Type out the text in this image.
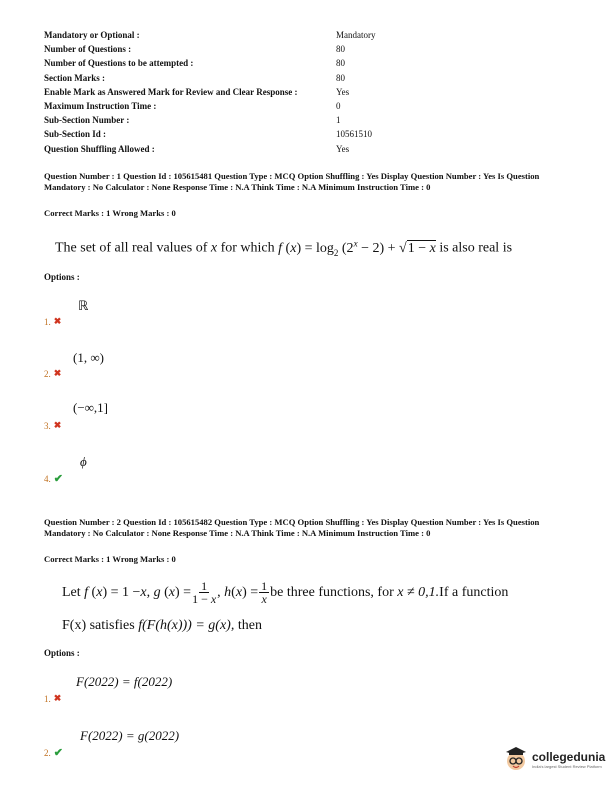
Mandatory or Optional :	Mandatory
Number of Questions :	80
Number of Questions to be attempted :	80
Section Marks :	80
Enable Mark as Answered Mark for Review and Clear Response :	Yes
Maximum Instruction Time :	0
Sub-Section Number :	1
Sub-Section Id :	10561510
Question Shuffling Allowed :	Yes
Question Number : 1 Question Id : 105615481 Question Type : MCQ Option Shuffling : Yes Display Question Number : Yes Is Question Mandatory : No Calculator : None Response Time : N.A Think Time : N.A Minimum Instruction Time : 0
Correct Marks : 1 Wrong Marks : 0
The set of all real values of x for which f $(x) = \log_2 (2^x - 2) + √1 - x$ is also real is
Options :
ℝ
1. ✖
(1, ∞)
2. ✖
(−∞,1]
3. ✖
ϕ
4. ✔
Question Number : 2 Question Id : 105615482 Question Type : MCQ Option Shuffling : Yes Display Question Number : Yes Is Question Mandatory : No Calculator : None Response Time : N.A Think Time : N.A Minimum Instruction Time : 0
Correct Marks : 1 Wrong Marks : 0
Let
f ( x ) = 1 − x , g ( x ) = $\frac{1}{1 - x}$ , h ( x ) = $\frac{1}{x}$ be three functions, for
x ≠ 0,1. If a function
F(x) satisfies f(F(h(x))) = g(x), then
Options :
F(2022) = f(2022)
1. ✖
F(2022) = g(2022)
2. ✔	collegedunia
India's largest Student Review Platform
